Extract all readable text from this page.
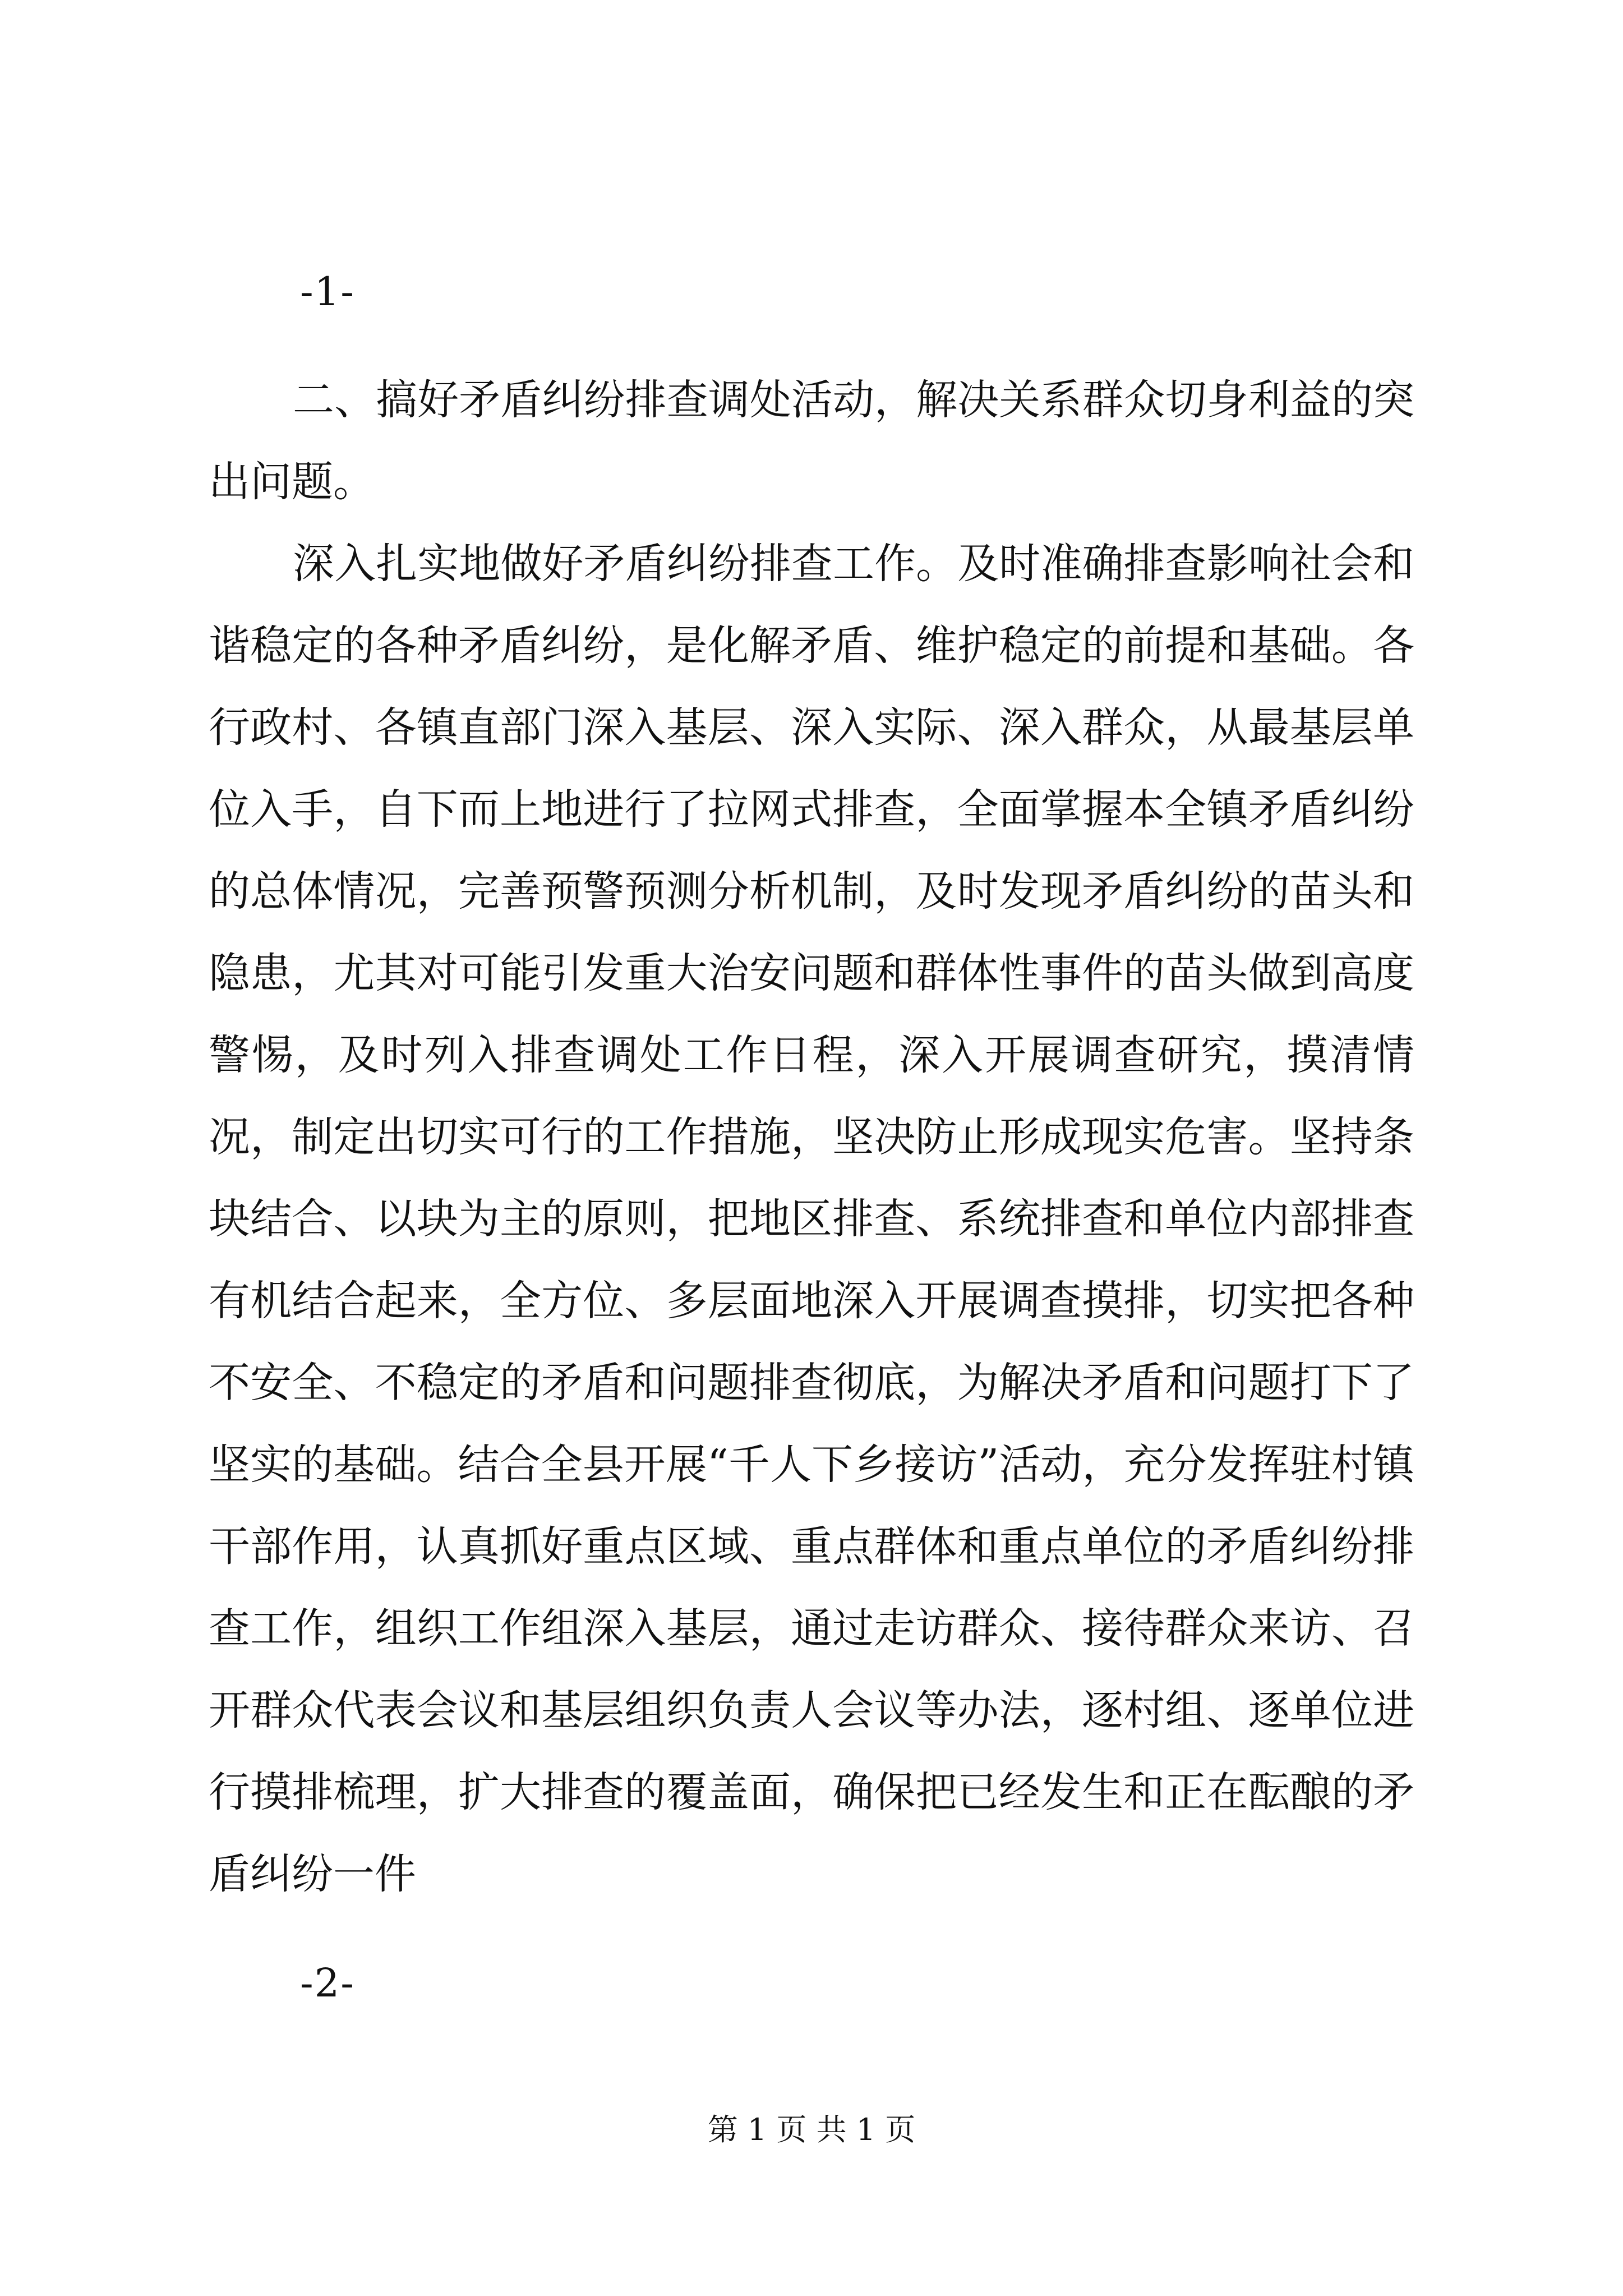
-1-

二、搞好矛盾纠纷排查调处活动，解决关系群众切身利益的突出问题。

深入扎实地做好矛盾纠纷排查工作。及时准确排查影响社会和谐稳定的各种矛盾纠纷，是化解矛盾、维护稳定的前提和基础。各行政村、各镇直部门深入基层、深入实际、深入群众，从最基层单位入手，自下而上地进行了拉网式排查，全面掌握本全镇矛盾纠纷的总体情况，完善预警预测分析机制，及时发现矛盾纠纷的苗头和隐患，尤其对可能引发重大治安问题和群体性事件的苗头做到高度警惕，及时列入排查调处工作日程，深入开展调查研究，摸清情况，制定出切实可行的工作措施，坚决防止形成现实危害。坚持条块结合、以块为主的原则，把地区排查、系统排查和单位内部排查有机结合起来，全方位、多层面地深入开展调查摸排，切实把各种不安全、不稳定的矛盾和问题排查彻底，为解决矛盾和问题打下了坚实的基础。结合全县开展“千人下乡接访”活动，充分发挥驻村镇干部作用，认真抓好重点区域、重点群体和重点单位的矛盾纠纷排查工作，组织工作组深入基层，通过走访群众、接待群众来访、召开群众代表会议和基层组织负责人会议等办法，逐村组、逐单位进行摸排梳理，扩大排查的覆盖面，确保把已经发生和正在酝酿的矛盾纠纷一件

-2-
第 1 页 共 1 页
